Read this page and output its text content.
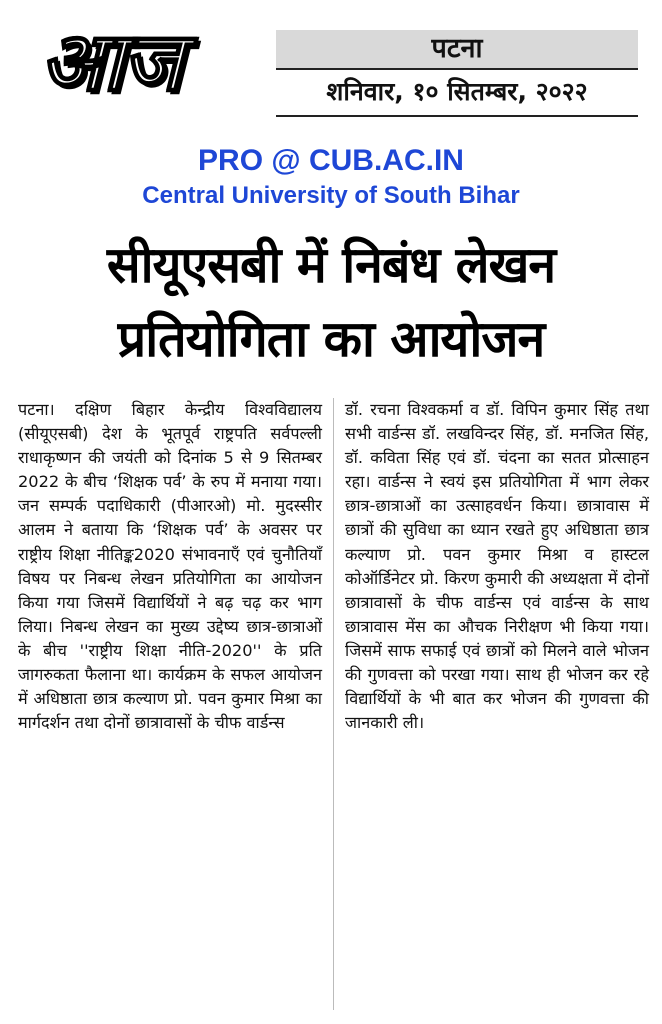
आज	पटना
शनिवार, १० सितम्बर, २०२२
PRO @ CUB.AC.IN
Central University of South Bihar
सीयूएसबी में निबंध लेखन प्रतियोगिता का आयोजन
पटना। दक्षिण बिहार केन्द्रीय विश्वविद्यालय (सीयूएसबी) देश के भूतपूर्व राष्ट्रपति सर्वपल्ली राधाकृष्णन की जयंती को दिनांक 5 से 9 सितम्बर 2022 के बीच ‘शिक्षक पर्व’ के रुप में मनाया गया। जन सम्पर्क पदाधिकारी (पीआरओ) मो. मुदस्सीर आलम ने बताया कि ‘शिक्षक पर्व’ के अवसर पर राष्ट्रीय शिक्षा नीतिङ्क2020 संभावनाएँ एवं चुनौतियाँ विषय पर निबन्ध लेखन प्रतियोगिता का आयोजन किया गया जिसमें विद्यार्थियों ने बढ़ चढ़ कर भाग लिया। निबन्ध लेखन का मुख्य उद्देष्य छात्र-छात्राओं के बीच ''राष्ट्रीय शिक्षा नीति-2020'' के प्रति जागरुकता फैलाना था। कार्यक्रम के सफल आयोजन में अधिष्ठाता छात्र कल्याण प्रो. पवन कुमार मिश्रा का मार्गदर्शन तथा दोनों छात्रावासों के चीफ वार्डन्स
डॉ. रचना विश्वकर्मा व डॉ. विपिन कुमार सिंह तथा सभी वार्डन्स डॉ. लखविन्दर सिंह, डॉ. मनजित सिंह, डॉ. कविता सिंह एवं डॉ. चंदना का सतत प्रोत्साहन रहा। वार्डन्स ने स्वयं इस प्रतियोगिता में भाग लेकर छात्र-छात्राओं का उत्साहवर्धन किया। छात्रावास में छात्रों की सुविधा का ध्यान रखते हुए अधिष्ठाता छात्र कल्याण प्रो. पवन कुमार मिश्रा व हास्टल कोऑर्डिनेटर प्रो. किरण कुमारी की अध्यक्षता में दोनों छात्रावासों के चीफ वार्डन्स एवं वार्डन्स के साथ छात्रावास मेंस का औचक निरीक्षण भी किया गया। जिसमें साफ सफाई एवं छात्रों को मिलने वाले भोजन की गुणवत्ता को परखा गया। साथ ही भोजन कर रहे विद्यार्थियों के भी बात कर भोजन की गुणवत्ता की जानकारी ली।
